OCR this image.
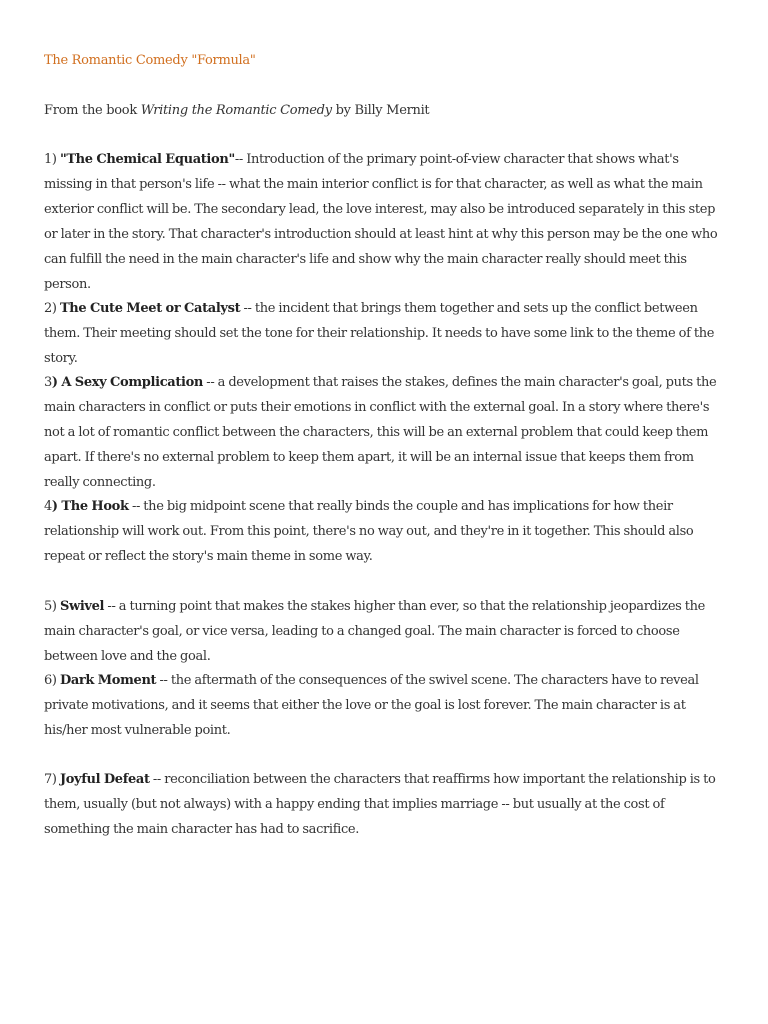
The Romantic Comedy "Formula"
From the book Writing the Romantic Comedy by Billy Mernit

1) "The Chemical Equation"-- Introduction of the primary point-of-view character that shows what's missing in that person's life -- what the main interior conflict is for that character, as well as what the main exterior conflict will be. The secondary lead, the love interest, may also be introduced separately in this step or later in the story. That character's introduction should at least hint at why this person may be the one who can fulfill the need in the main character's life and show why the main character really should meet this person.

2) The Cute Meet or Catalyst -- the incident that brings them together and sets up the conflict between them. Their meeting should set the tone for their relationship. It needs to have some link to the theme of the story.

3) A Sexy Complication -- a development that raises the stakes, defines the main character's goal, puts the main characters in conflict or puts their emotions in conflict with the external goal. In a story where there's not a lot of romantic conflict between the characters, this will be an external problem that could keep them apart. If there's no external problem to keep them apart, it will be an internal issue that keeps them from really connecting.

4) The Hook -- the big midpoint scene that really binds the couple and has implications for how their relationship will work out. From this point, there's no way out, and they're in it together. This should also repeat or reflect the story's main theme in some way.

5) Swivel -- a turning point that makes the stakes higher than ever, so that the relationship jeopardizes the main character's goal, or vice versa, leading to a changed goal. The main character is forced to choose between love and the goal.

6) Dark Moment -- the aftermath of the consequences of the swivel scene. The characters have to reveal private motivations, and it seems that either the love or the goal is lost forever. The main character is at his/her most vulnerable point.

7) Joyful Defeat -- reconciliation between the characters that reaffirms how important the relationship is to them, usually (but not always) with a happy ending that implies marriage -- but usually at the cost of something the main character has had to sacrifice.
